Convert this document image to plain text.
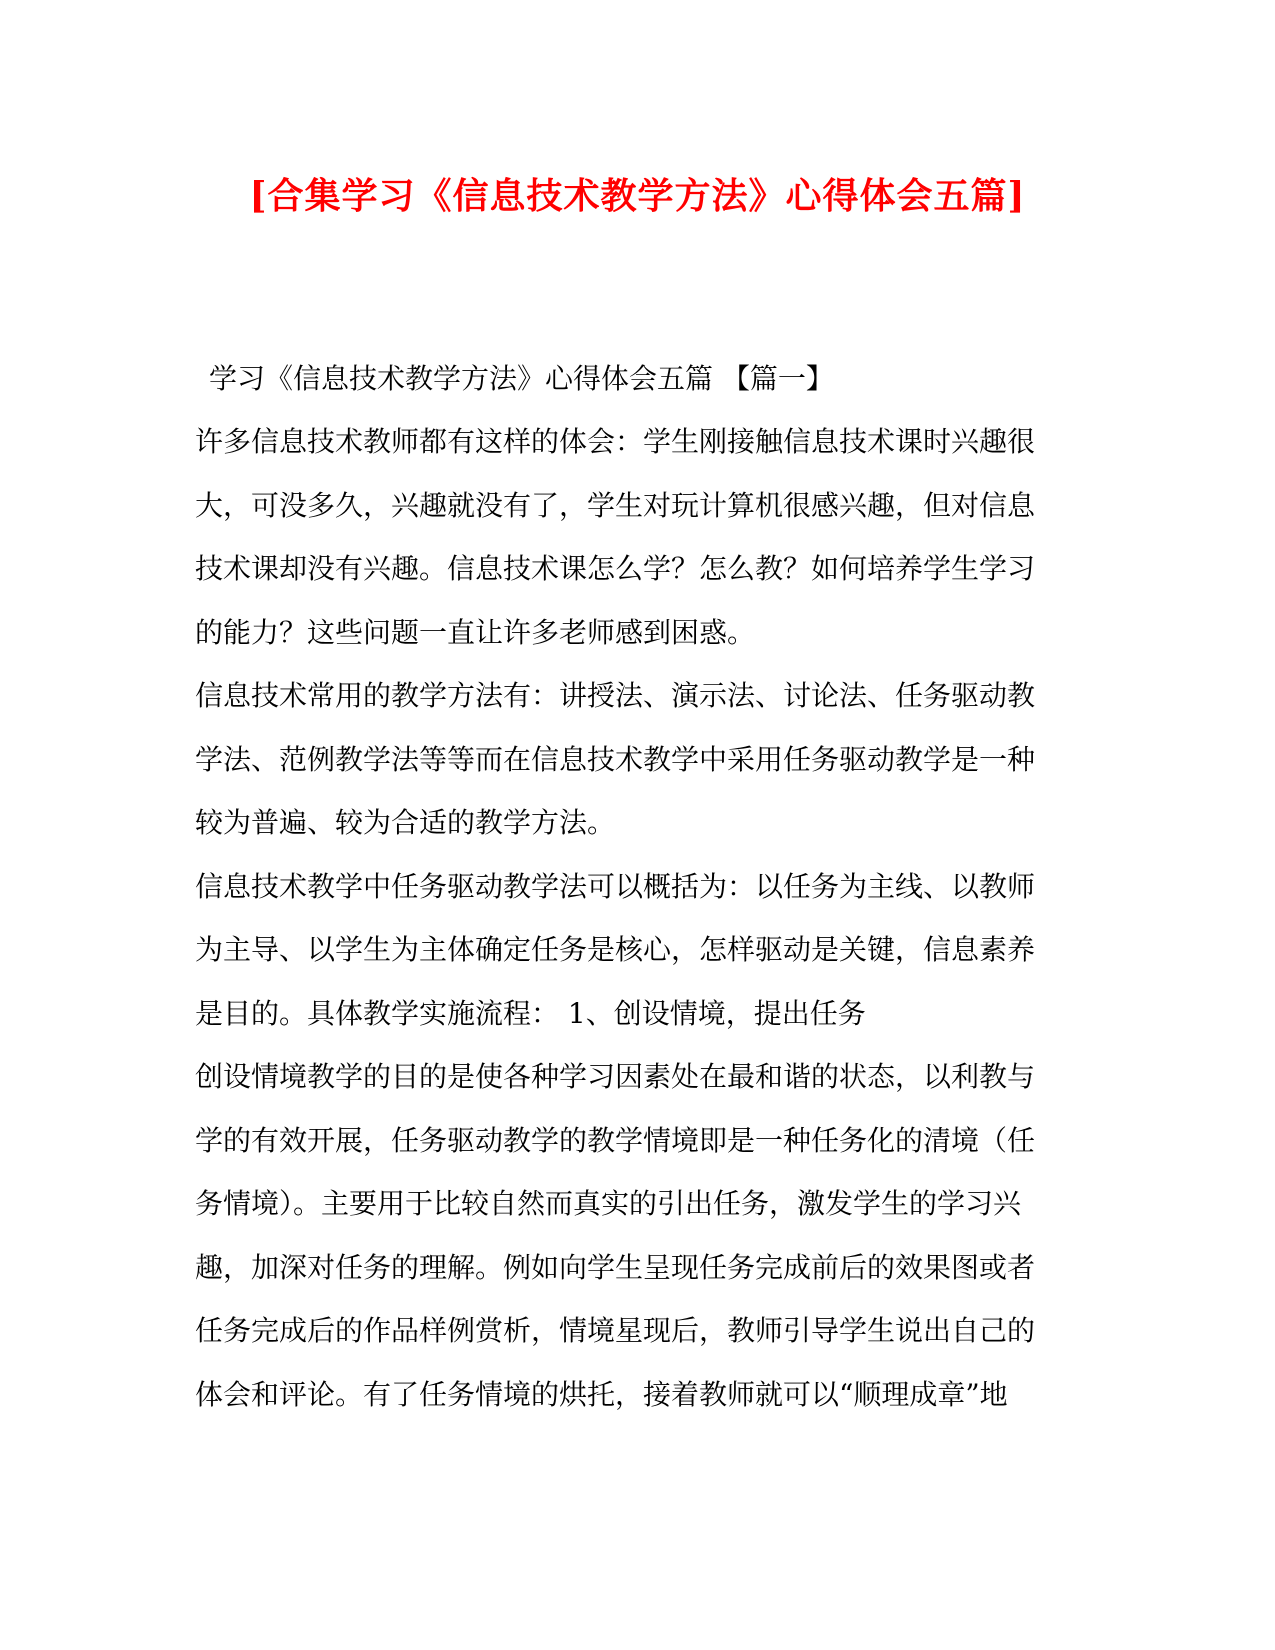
[合集学习《信息技术教学方法》心得体会五篇]
学习《信息技术教学方法》心得体会五篇 【篇一】

许多信息技术教师都有这样的体会：学生刚接触信息技术课时兴趣很
大，可没多久，兴趣就没有了，学生对玩计算机很感兴趣，但对信息
技术课却没有兴趣。信息技术课怎么学？怎么教？如何培养学生学习
的能力？这些问题一直让许多老师感到困惑。

信息技术常用的教学方法有：讲授法、演示法、讨论法、任务驱动教
学法、范例教学法等等而在信息技术教学中采用任务驱动教学是一种
较为普遍、较为合适的教学方法。

信息技术教学中任务驱动教学法可以概括为：以任务为主线、以教师
为主导、以学生为主体确定任务是核心，怎样驱动是关键，信息素养
是目的。具体教学实施流程： 1、创设情境，提出任务

创设情境教学的目的是使各种学习因素处在最和谐的状态，以利教与
学的有效开展，任务驱动教学的教学情境即是一种任务化的清境（任
务情境）。主要用于比较自然而真实的引出任务，激发学生的学习兴
趣，加深对任务的理解。例如向学生呈现任务完成前后的效果图或者
任务完成后的作品样例赏析，情境星现后，教师引导学生说出自己的
体会和评论。有了任务情境的烘托，接着教师就可以“顺理成章”地
